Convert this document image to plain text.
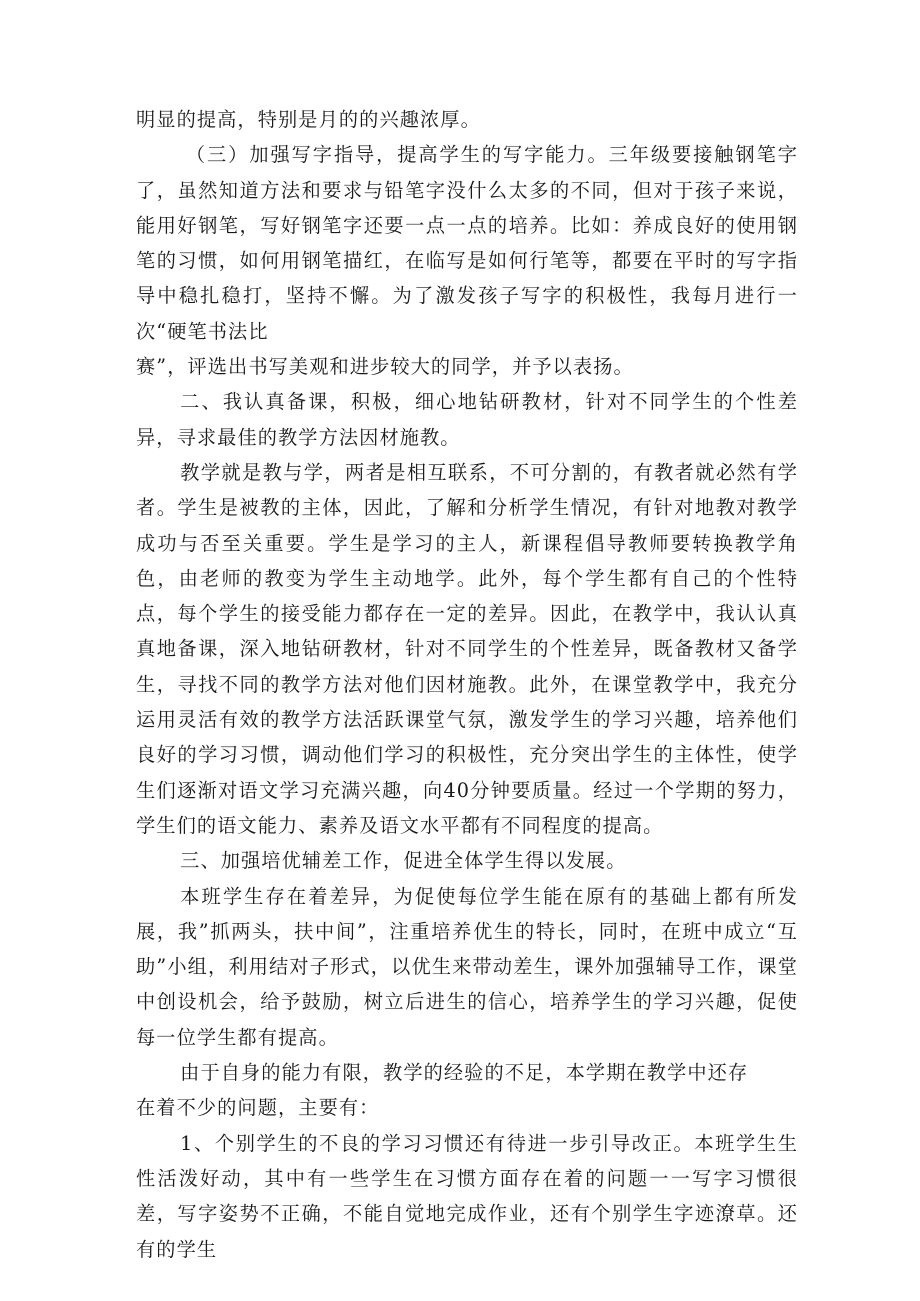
明显的提高，特别是月的的兴趣浓厚。

（三）加强写字指导，提高学生的写字能力。三年级要接触钢笔字了，虽然知道方法和要求与铅笔字没什么太多的不同，但对于孩子来说，能用好钢笔，写好钢笔字还要一点一点的培养。比如：养成良好的使用钢笔的习惯，如何用钢笔描红，在临写是如何行笔等，都要在平时的写字指导中稳扎稳打，坚持不懈。为了激发孩子写字的积极性，我每月进行一次“硬笔书法比

赛”，评选出书写美观和进步较大的同学，并予以表扬。

二、我认真备课，积极，细心地钻研教材，针对不同学生的个性差异，寻求最佳的教学方法因材施教。

教学就是教与学，两者是相互联系，不可分割的，有教者就必然有学者。学生是被教的主体，因此，了解和分析学生情况，有针对地教对教学成功与否至关重要。学生是学习的主人，新课程倡导教师要转换教学角色，由老师的教变为学生主动地学。此外，每个学生都有自己的个性特点，每个学生的接受能力都存在一定的差异。因此，在教学中，我认认真真地备课，深入地钻研教材，针对不同学生的个性差异，既备教材又备学生，寻找不同的教学方法对他们因材施教。此外，在课堂教学中，我充分运用灵活有效的教学方法活跃课堂气氛，激发学生的学习兴趣，培养他们良好的学习习惯，调动他们学习的积极性，充分突出学生的主体性，使学生们逐渐对语文学习充满兴趣，向40分钟要质量。经过一个学期的努力，学生们的语文能力、素养及语文水平都有不同程度的提高。

三、加强培优辅差工作，促进全体学生得以发展。

本班学生存在着差异，为促使每位学生能在原有的基础上都有所发展，我”抓两头，扶中间”，注重培养优生的特长，同时，在班中成立“互助”小组，利用结对子形式，以优生来带动差生，课外加强辅导工作，课堂中创设机会，给予鼓励，树立后进生的信心，培养学生的学习兴趣，促使每一位学生都有提高。

由于自身的能力有限，教学的经验的不足，本学期在教学中还存

在着不少的问题，主要有：

1、个别学生的不良的学习习惯还有待进一步引导改正。本班学生生性活泼好动，其中有一些学生在习惯方面存在着的问题一一写字习惯很差，写字姿势不正确，不能自觉地完成作业，还有个别学生字迹潦草。还有的学生
